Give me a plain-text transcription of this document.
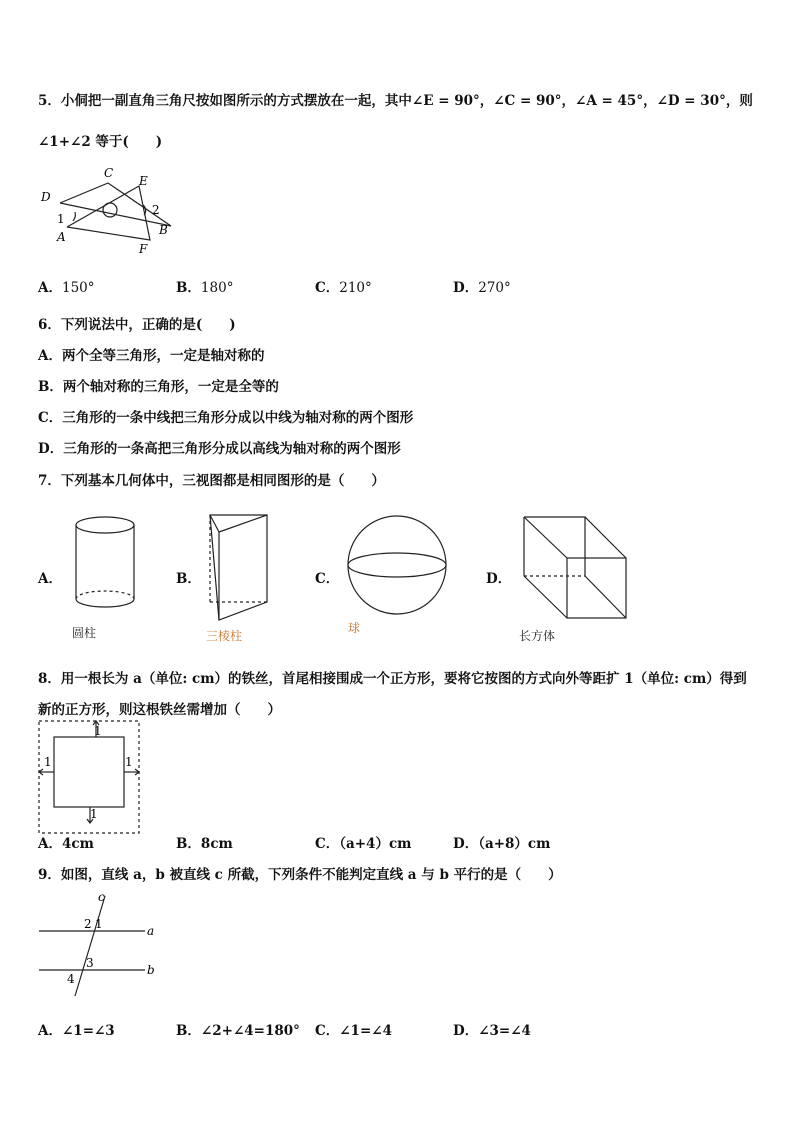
5．小侗把一副直角三角尺按如图所示的方式摆放在一起，其中∠E = 90°，∠C = 90°，∠A = 45°，∠D = 30°，则
∠1+∠2 等于(　　)
C
E
D
1
2
A	B
F
A．150°	B．180°	C．210°	D．270°
6．下列说法中，正确的是(　　)
A．两个全等三角形，一定是轴对称的
B．两个轴对称的三角形，一定是全等的
C．三角形的一条中线把三角形分成以中线为轴对称的两个图形
D．三角形的一条高把三角形分成以高线为轴对称的两个图形
7．下列基本几何体中，三视图都是相同图形的是（　　）
A．
圆柱
B．
三棱柱
C．
球
D．
长方体
8．用一根长为 a（单位: cm）的铁丝，首尾相接围成一个正方形，要将它按图的方式向外等距扩 1（单位: cm）得到
新的正方形，则这根铁丝需增加（　　）
1
1	1
1
A．4cm	B．8cm	C．（a+4）cm	D．（a+8）cm
9．如图，直线 a，b 被直线 c 所截，下列条件不能判定直线 a 与 b 平行的是（　　）
c
a
b
1
2
3
4
A．∠1=∠3	B．∠2+∠4=180° C．∠1=∠4	D．∠3=∠4
